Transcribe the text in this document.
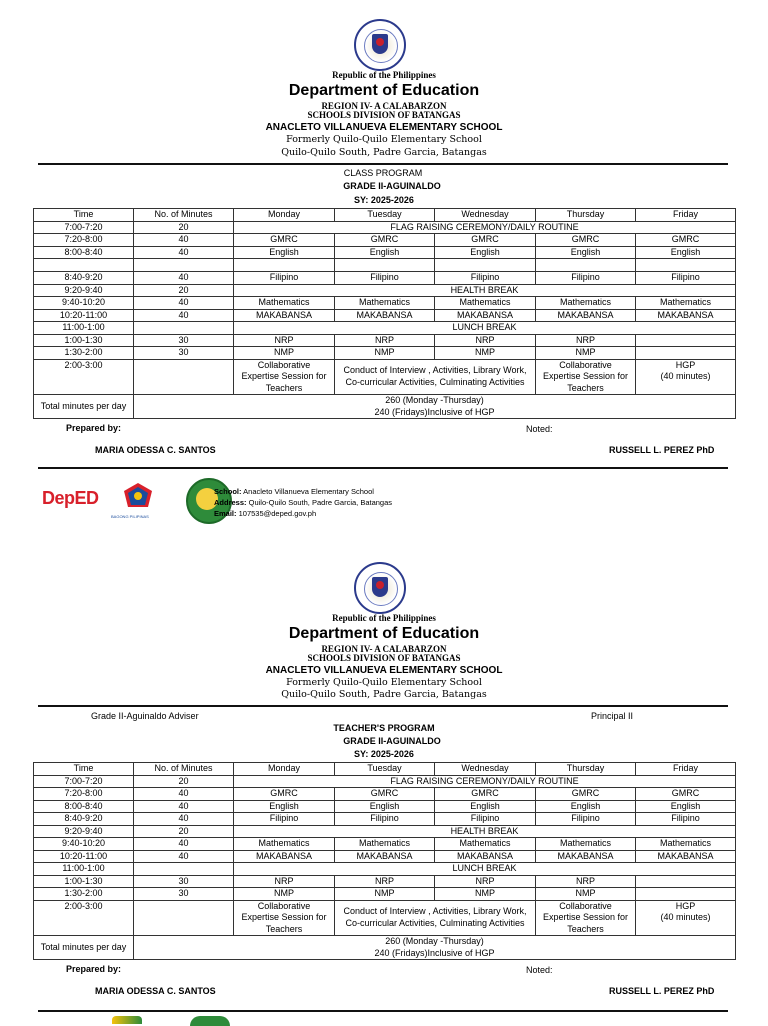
Republic of the Philippines
Department of Education
REGION IV- A CALABARZON
SCHOOLS DIVISION OF BATANGAS
ANACLETO VILLANUEVA ELEMENTARY SCHOOL
Formerly Quilo-Quilo Elementary School
Quilo-Quilo South, Padre Garcia, Batangas
CLASS PROGRAM
GRADE II-AGUINALDO
SY: 2025-2026
Time	No. of Minutes	Monday	Tuesday	Wednesday	Thursday	Friday
7:00-7:20	20	FLAG RAISING CEREMONY/DAILY ROUTINE				
7:20-8:00	40	GMRC	GMRC	GMRC	GMRC	GMRC
8:00-8:40	40	English	English	English	English	English

8:40-9:20	40	Filipino	Filipino	Filipino	Filipino	Filipino
9:20-9:40	20	HEALTH BREAK				
9:40-10:20	40	Mathematics	Mathematics	Mathematics	Mathematics	Mathematics
10:20-11:00	40	MAKABANSA	MAKABANSA	MAKABANSA	MAKABANSA	MAKABANSA
11:00-1:00		LUNCH BREAK				
1:00-1:30	30	NRP	NRP	NRP	NRP	
1:30-2:00	30	NMP	NMP	NMP	NMP	
2:00-3:00		Collaborative Expertise Session for Teachers	Conduct of Interview , Activities, Library Work, Co-curricular Activities, Culminating Activities		Collaborative Expertise Session for Teachers	HGP
(40 minutes)

Total minutes per day	260 (Monday -Thursday)
240 (Fridays)Inclusive of HGP					
Prepared by:	Noted:
MARIA ODESSA C. SANTOS	RUSSELL L. PEREZ PhD
DepED
BAGONG PILIPINAS
School: Anacleto Villanueva Elementary School
Address: Quilo-Quilo South, Padre Garcia, Batangas
Email: 107535@deped.gov.ph
Republic of the Philippines
Department of Education
REGION IV- A CALABARZON
SCHOOLS DIVISION OF BATANGAS
ANACLETO VILLANUEVA ELEMENTARY SCHOOL
Formerly Quilo-Quilo Elementary School
Quilo-Quilo South, Padre Garcia, Batangas
Grade II-Aguinaldo Adviser	Principal II
TEACHER'S PROGRAM
GRADE II-AGUINALDO
SY: 2025-2026
Time	No. of Minutes	Monday	Tuesday	Wednesday	Thursday	Friday
7:00-7:20	20	FLAG RAISING CEREMONY/DAILY ROUTINE				
7:20-8:00	40	GMRC	GMRC	GMRC	GMRC	GMRC
8:00-8:40	40	English	English	English	English	English
8:40-9:20	40	Filipino	Filipino	Filipino	Filipino	Filipino
9:20-9:40	20	HEALTH BREAK				
9:40-10:20	40	Mathematics	Mathematics	Mathematics	Mathematics	Mathematics
10:20-11:00	40	MAKABANSA	MAKABANSA	MAKABANSA	MAKABANSA	MAKABANSA
11:00-1:00		LUNCH BREAK				
1:00-1:30	30	NRP	NRP	NRP	NRP	
1:30-2:00	30	NMP	NMP	NMP	NMP	
2:00-3:00		Collaborative Expertise Session for Teachers	Conduct of Interview , Activities, Library Work, Co-curricular Activities, Culminating Activities		Collaborative Expertise Session for Teachers	HGP
(40 minutes)

Total minutes per day	260 (Monday -Thursday)
240 (Fridays)Inclusive of HGP					
Prepared by:	Noted:
MARIA ODESSA C. SANTOS	RUSSELL L. PEREZ PhD
